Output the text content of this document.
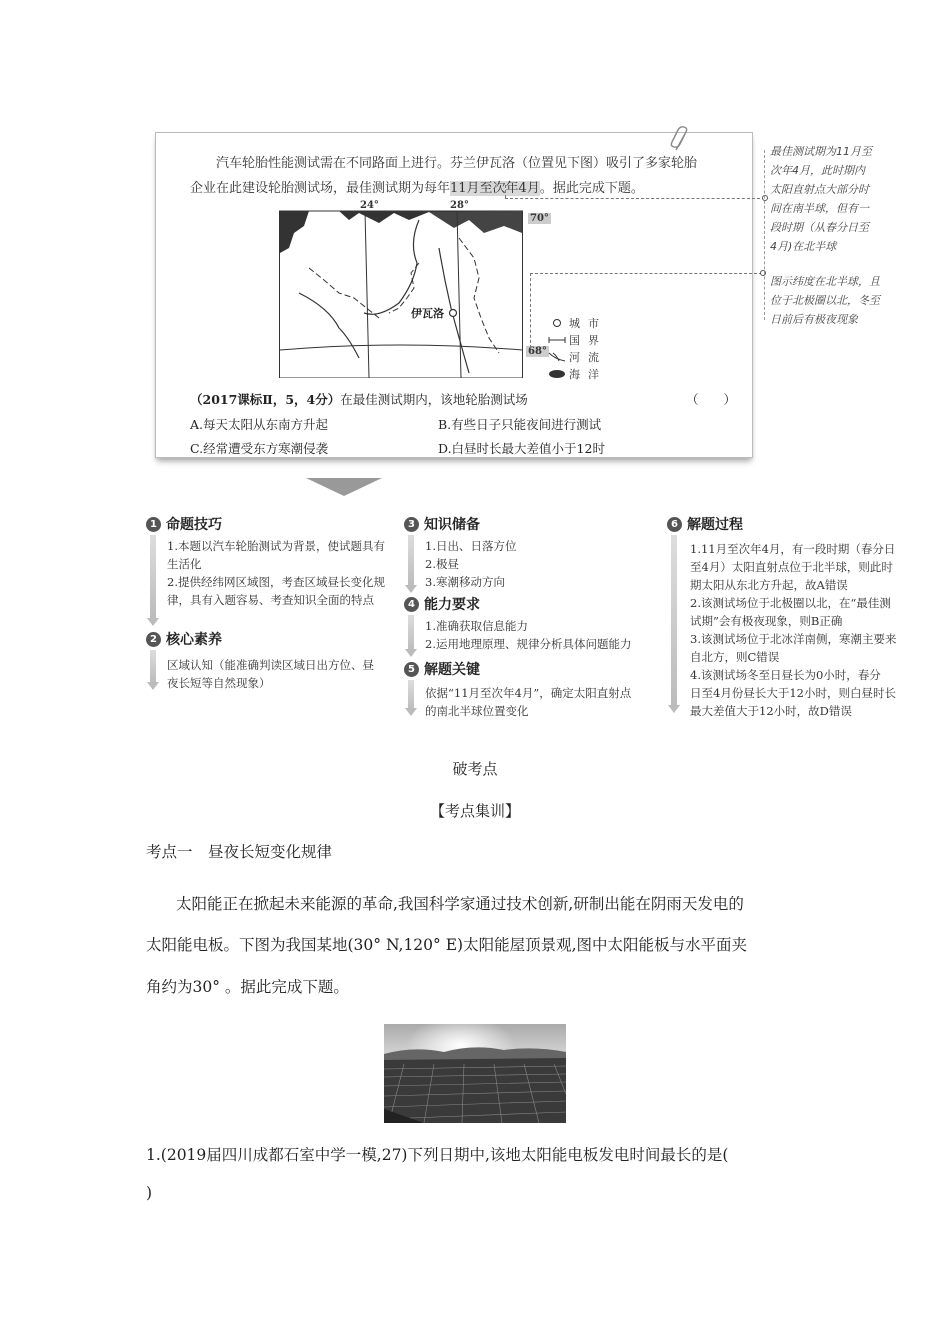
汽车轮胎性能测试需在不同路面上进行。芬兰伊瓦洛（位置见下图）吸引了多家轮胎
企业在此建设轮胎测试场，最佳测试期为每年11月至次年4月。据此完成下题。
24°	28°
70°
68°
伊瓦洛
城市
国界
河流
海洋
（2017课标Ⅱ，5，4分）在最佳测试期内，该地轮胎测试场	（　　）
A.每天太阳从东南方升起	B.有些日子只能夜间进行测试
C.经常遭受东方寒潮侵袭	D.白昼时长最大差值小于12时
最佳测试期为11月至
次年4月，此时期内
太阳直射点大部分时
间在南半球，但有一
段时期（从春分日至
4月)在北半球
图示纬度在北半球，且
位于北极圈以北，冬至
日前后有极夜现象
1 命题技巧
1.本题以汽车轮胎测试为背景，使试题具有
生活化
2.提供经纬网区域图，考查区域昼长变化规
律，具有入题容易、考查知识全面的特点
2 核心素养
区域认知（能准确判读区域日出方位、昼
夜长短等自然现象）
3 知识储备
1.日出、日落方位
2.极昼
3.寒潮移动方向
4 能力要求
1.准确获取信息能力
2.运用地理原理、规律分析具体问题能力
5 解题关键
依据“11月至次年4月”，确定太阳直射点
的南北半球位置变化
6 解题过程
1.11月至次年4月，有一段时期（春分日
至4月）太阳直射点位于北半球，则此时
期太阳从东北方升起，故A错误
2.该测试场位于北极圈以北，在“最佳测
试期”会有极夜现象，则B正确
3.该测试场位于北冰洋南侧，寒潮主要来
自北方，则C错误
4.该测试场冬至日昼长为0小时，春分
日至4月份昼长大于12小时，则白昼时长
最大差值大于12小时，故D错误
破考点
【考点集训】
考点一　昼夜长短变化规律
太阳能正在掀起未来能源的革命,我国科学家通过技术创新,研制出能在阴雨天发电的
太阳能电板。下图为我国某地(30° N,120° E)太阳能屋顶景观,图中太阳能板与水平面夹
角约为30° 。据此完成下题。
1.(2019届四川成都石室中学一模,27)下列日期中,该地太阳能电板发电时间最长的是(
)
